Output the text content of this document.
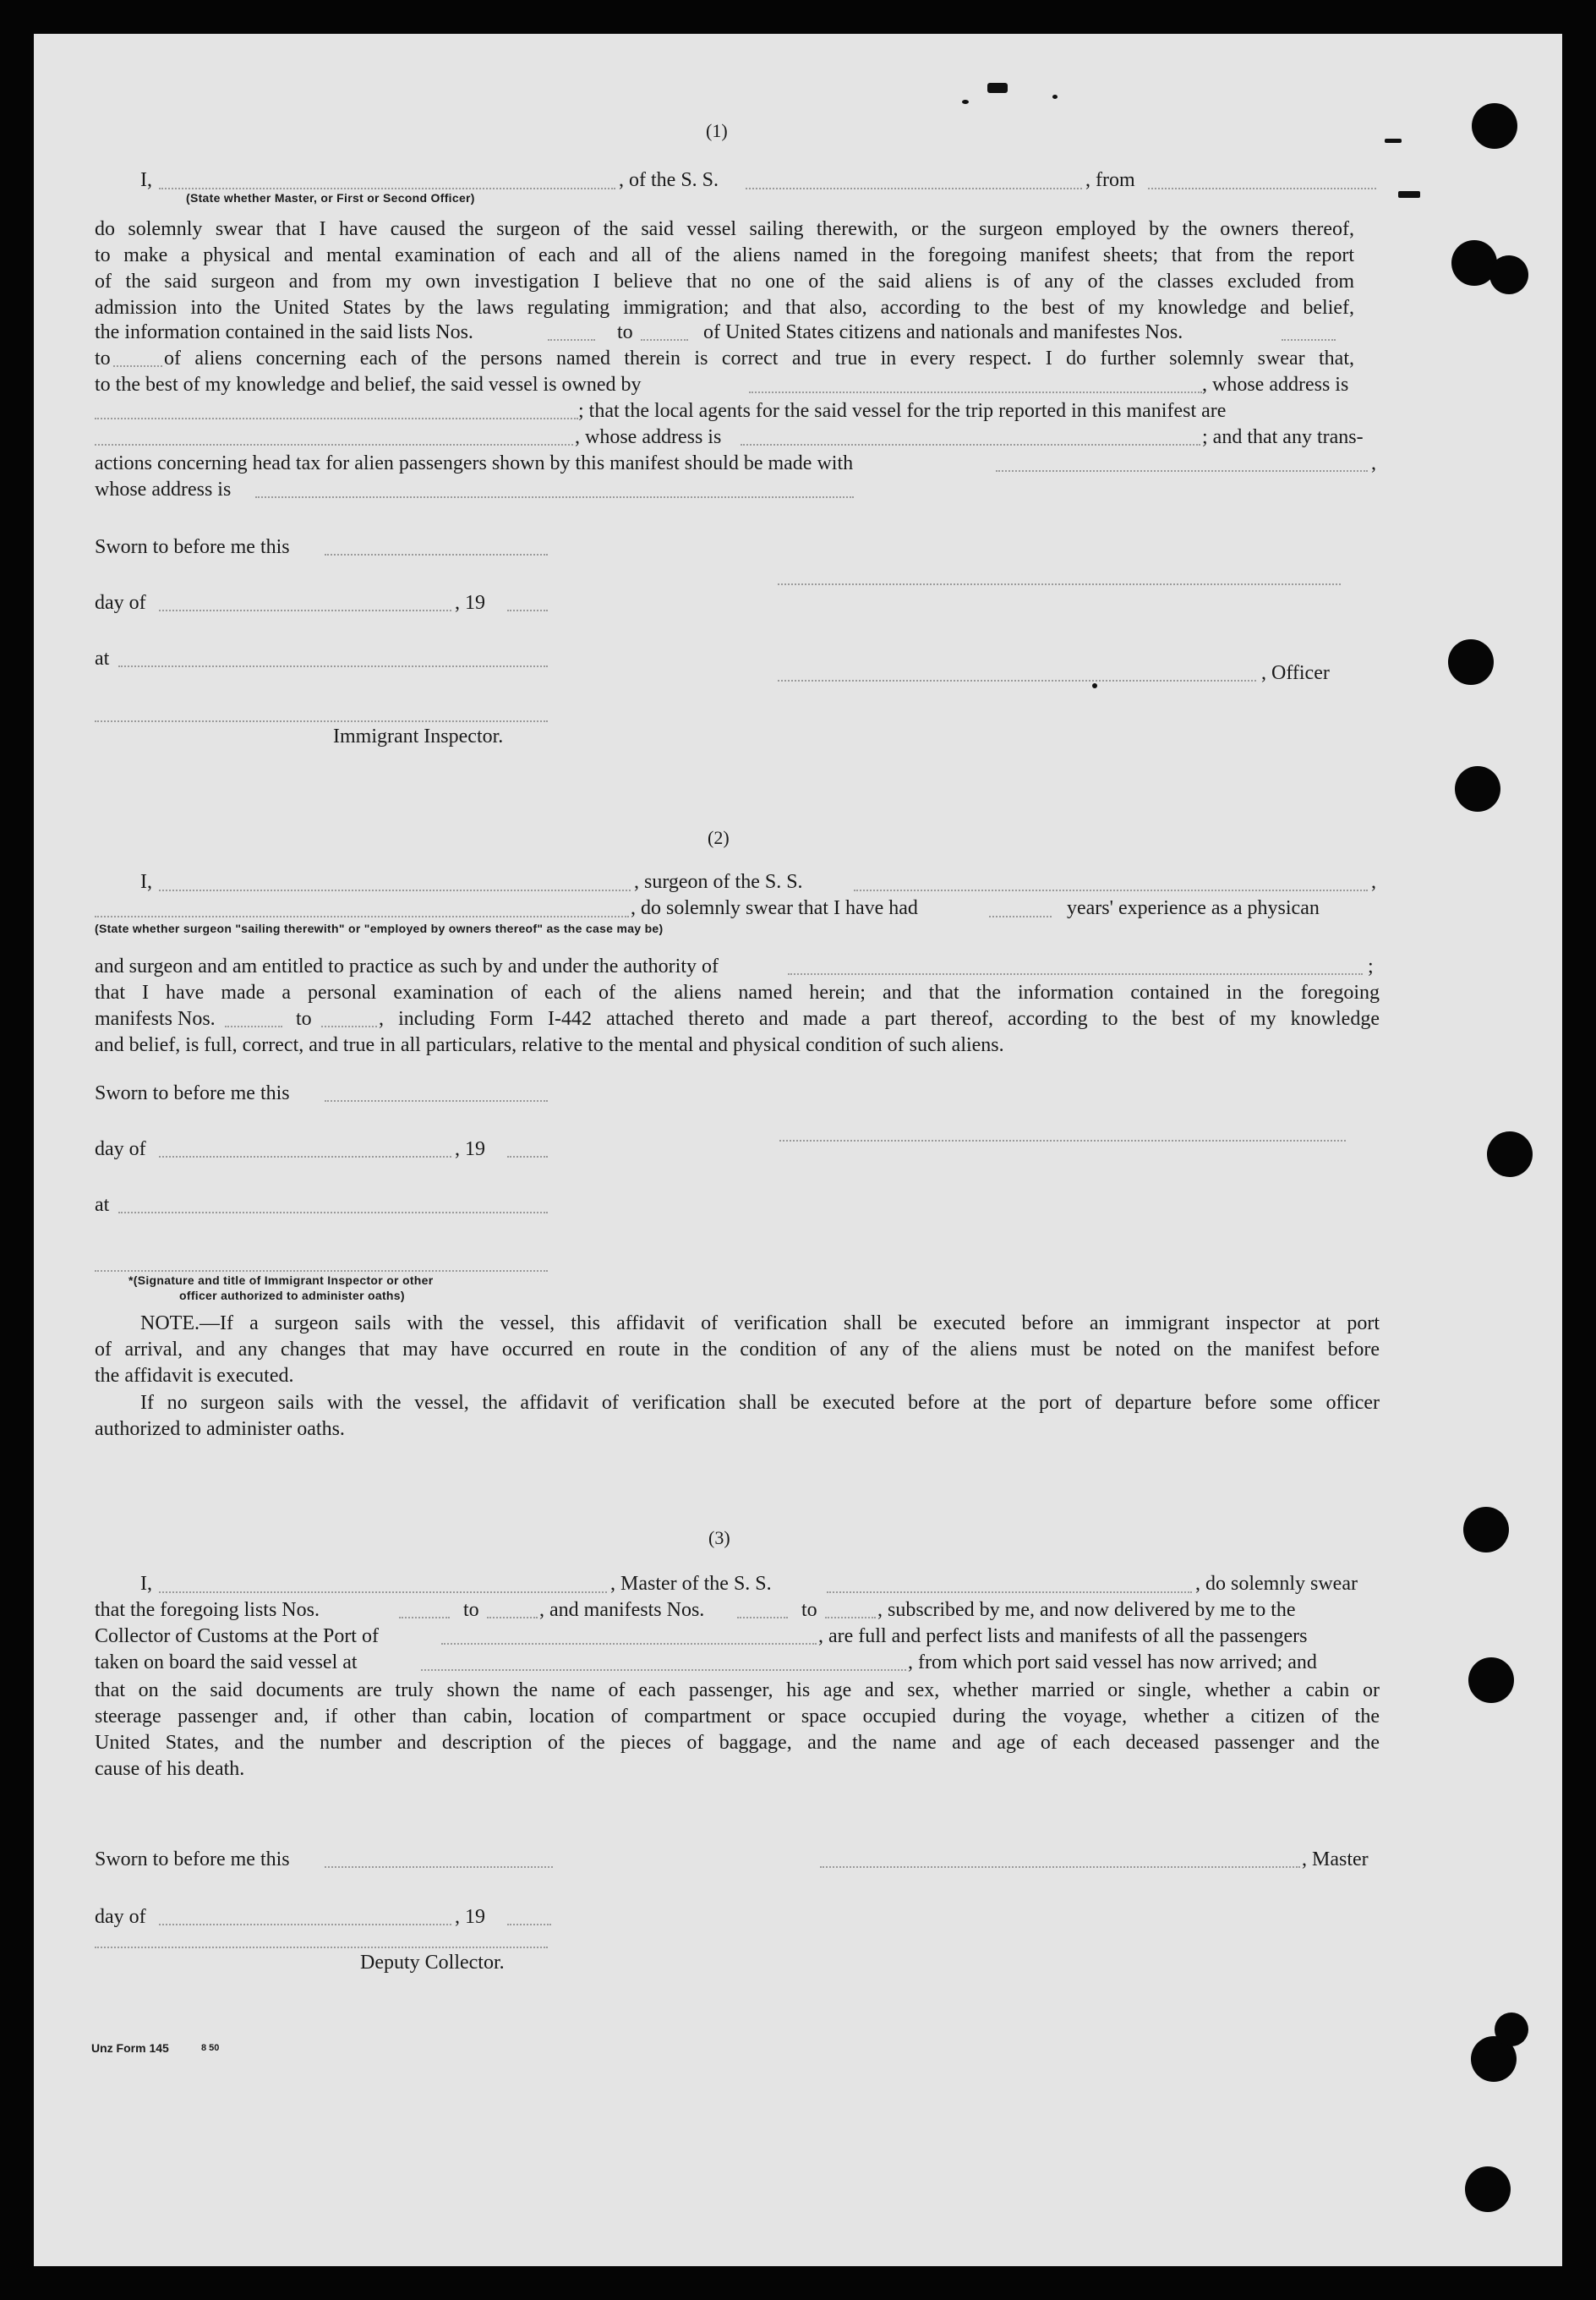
(1)
I,	, of the S. S.	, from
(State whether Master, or First or Second Officer)
do solemnly swear that I have caused the surgeon of the said vessel sailing therewith, or the surgeon employed by the owners thereof,
to make a physical and mental examination of each and all of the aliens named in the foregoing manifest sheets; that from the report
of the said surgeon and from my own investigation I believe that no one of the said aliens is of any of the classes excluded from
admission into the United States by the laws regulating immigration; and that also, according to the best of my knowledge and belief,
the information contained in the said lists Nos.	to	of United States citizens and nationals and manifestes Nos.
to	of aliens concerning each of the persons named therein is correct and true in every respect. I do further solemnly swear that,
to the best of my knowledge and belief, the said vessel is owned by	, whose address is
; that the local agents for the said vessel for the trip reported in this manifest are
, whose address is	; and that any trans-
actions concerning head tax for alien passengers shown by this manifest should be made with	,
whose address is
Sworn to before me this
day of	, 19
at
, Officer
Immigrant Inspector.
(2)
I,	, surgeon of the S. S.	,
, do solemnly swear that I have had	years' experience as a physican
(State whether surgeon "sailing therewith" or "employed by owners thereof" as the case may be)
and surgeon and am entitled to practice as such by and under the authority of	;
that I have made a personal examination of each of the aliens named herein; and that the information contained in the foregoing
manifests Nos.	to	, including Form I-442 attached thereto and made a part thereof, according to the best of my knowledge
and belief, is full, correct, and true in all particulars, relative to the mental and physical condition of such aliens.
Sworn to before me this
day of	, 19
at
*(Signature and title of Immigrant Inspector or other
officer authorized to administer oaths)
NOTE.—If a surgeon sails with the vessel, this affidavit of verification shall be executed before an immigrant inspector at port
of arrival, and any changes that may have occurred en route in the condition of any of the aliens must be noted on the manifest before
the affidavit is executed.
If no surgeon sails with the vessel, the affidavit of verification shall be executed before at the port of departure before some officer
authorized to administer oaths.
(3)
I,	, Master of the S. S.	, do solemnly swear
that the foregoing lists Nos.	to	, and manifests Nos.	to	, subscribed by me, and now delivered by me to the
Collector of Customs at the Port of	, are full and perfect lists and manifests of all the passengers
taken on board the said vessel at	, from which port said vessel has now arrived; and
that on the said documents are truly shown the name of each passenger, his age and sex, whether married or single, whether a cabin or
steerage passenger and, if other than cabin, location of compartment or space occupied during the voyage, whether a citizen of the
United States, and the number and description of the pieces of baggage, and the name and age of each deceased passenger and the
cause of his death.
Sworn to before me this	, Master
day of	, 19
Deputy Collector.
Unz Form 145	8 50
